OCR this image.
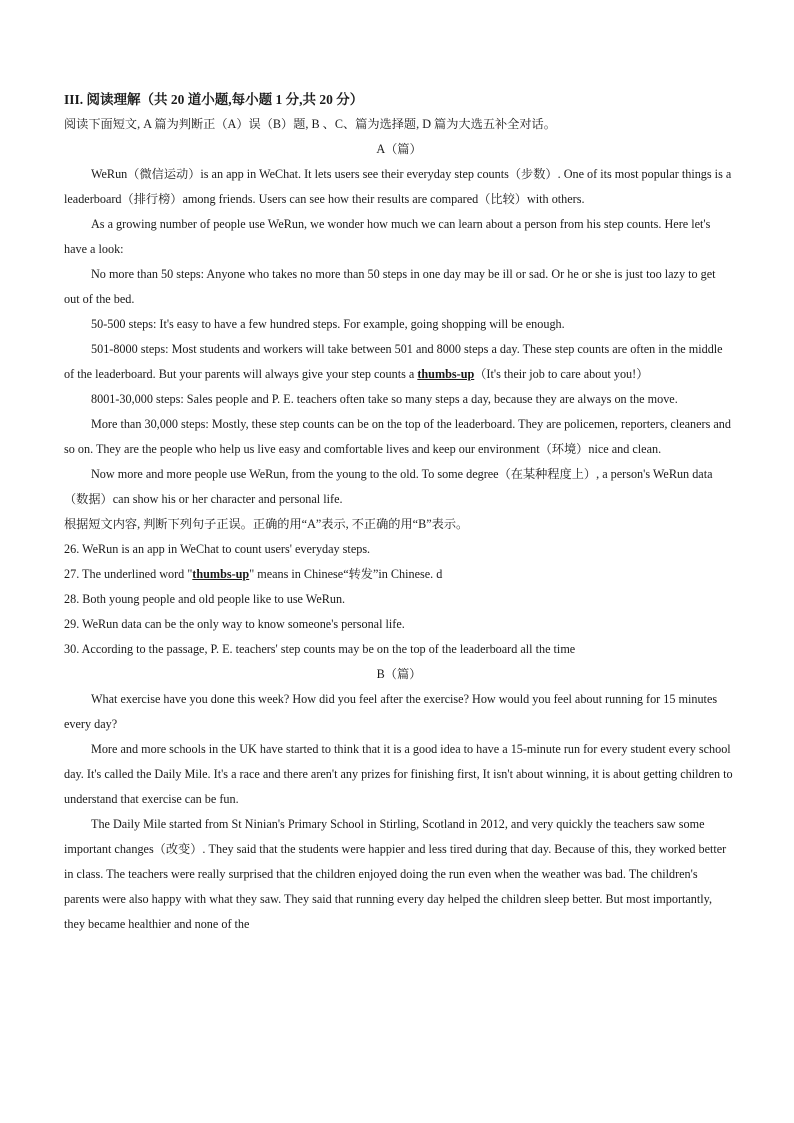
III. 阅读理解（共 20 道小题,每小题 1 分,共 20 分）

阅读下面短文, A 篇为判断正（A）误（B）题, B 、C、篇为选择题, D 篇为大选五补全对话。

A（篇）

WeRun（微信运动）is an app in WeChat. It lets users see their everyday step counts（步数）. One of its most popular things is a leaderboard（排行榜）among friends. Users can see how their results are compared（比较）with others.

As a growing number of people use WeRun, we wonder how much we can learn about a person from his step counts. Here let's have a look:

No more than 50 steps: Anyone who takes no more than 50 steps in one day may be ill or sad. Or he or she is just too lazy to get out of the bed.

50-500 steps: It's easy to have a few hundred steps. For example, going shopping will be enough.

501-8000 steps: Most students and workers will take between 501 and 8000 steps a day. These step counts are often in the middle of the leaderboard. But your parents will always give your step counts a thumbs-up（It's their job to care about you!）

8001-30,000 steps: Sales people and P. E. teachers often take so many steps a day, because they are always on the move.

More than 30,000 steps: Mostly, these step counts can be on the top of the leaderboard. They are policemen, reporters, cleaners and so on. They are the people who help us live easy and comfortable lives and keep our environment（环境）nice and clean.

Now more and more people use WeRun, from the young to the old. To some degree（在某种程度上）, a person's WeRun data（数据）can show his or her character and personal life.

根据短文内容, 判断下列句子正误。正确的用“A”表示, 不正确的用“B”表示。

26. WeRun is an app in WeChat to count users' everyday steps.

27. The underlined word "thumbs-up" means in Chinese“转发”in Chinese. d

28. Both young people and old people like to use WeRun.

29. WeRun data can be the only way to know someone's personal life.

30. According to the passage, P. E. teachers' step counts may be on the top of the leaderboard all the time

B（篇）

What exercise have you done this week? How did you feel after the exercise? How would you feel about running for 15 minutes every day?

More and more schools in the UK have started to think that it is a good idea to have a 15-minute run for every student every school day. It's called the Daily Mile. It's a race and there aren't any prizes for finishing first, It isn't about winning, it is about getting children to understand that exercise can be fun.

The Daily Mile started from St Ninian's Primary School in Stirling, Scotland in 2012, and very quickly the teachers saw some important changes（改变）. They said that the students were happier and less tired during that day. Because of this, they worked better in class. The teachers were really surprised that the children enjoyed doing the run even when the weather was bad. The children's parents were also happy with what they saw. They said that running every day helped the children sleep better. But most importantly, they became healthier and none of the
